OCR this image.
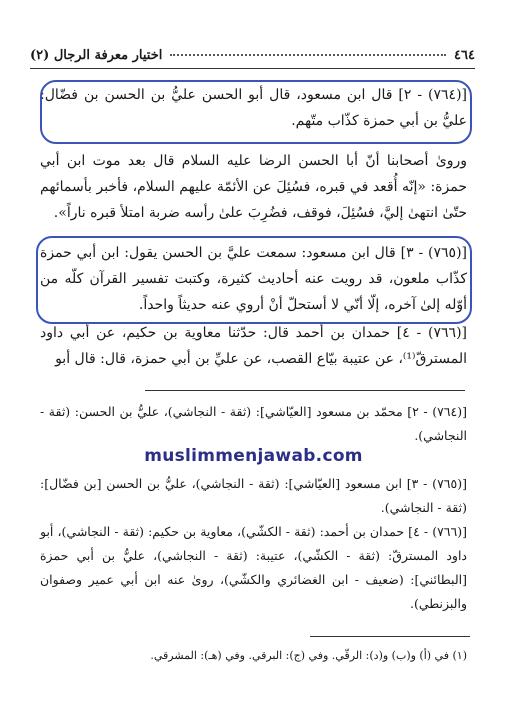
٤٦٤
اختيار معرفة الرجال (٢)

[(٧٦٤) - ٢] قال ابن مسعود، قال أبو الحسن عليُّ بن الحسن بن فضّال: عليُّ بن أبي حمزة كذّاب متّهم.

وروىٰ أصحابنا أنّ أبا الحسن الرضا عليه السلام قال بعد موت ابن أبي حمزة: «إنّه أُقعد في قبره، فسُئِلَ عن الأئمّة عليهم السلام، فأخبر بأسمائهم حتّىٰ انتهىٰ إليَّ، فسُئِلَ، فوقف، فضُرِبَ علىٰ رأسه ضربة امتلأ قبره ناراً».

[(٧٦٥) - ٣] قال ابن مسعود: سمعت عليَّ بن الحسن يقول: ابن أبي حمزة كذّاب ملعون، قد رويت عنه أحاديث كثيرة، وكتبت تفسير القرآن كلّه من أوّله إلىٰ آخره، إلّا أنّي لا أستحلّ أنْ أروي عنه حديثاً واحداً.

[(٧٦٦) - ٤] حمدان بن أحمد قال: حدّثنا معاوية بن حكيم، عن أبي داود المسترقّ⁽¹⁾، عن عتيبة بيّاع القصب، عن عليِّ بن أبي حمزة، قال: قال أبو

[(٧٦٤) - ٢] محمّد بن مسعود [العيّاشي]: (ثقة - النجاشي)، عليُّ بن الحسن: (ثقة - النجاشي).

muslimmenjawab.com

[(٧٦٥) - ٣] ابن مسعود [العيّاشي]: (ثقة - النجاشي)، عليُّ بن الحسن [بن فضّال]: (ثقة - النجاشي).

[(٧٦٦) - ٤] حمدان بن أحمد: (ثقة - الكشّي)، معاوية بن حكيم: (ثقة - النجاشي)، أبو داود المسترقّ: (ثقة - الكشّي)، عتيبة: (ثقة - النجاشي)، عليُّ بن أبي حمزة [البطائني]: (ضعيف - ابن الغضائري والكشّي)، روىٰ عنه ابن أبي عمير وصفوان والبزنطي).

(١) في (أ) و(ب) و(د): الرقّي. وفي (ج): البرقي. وفي (هـ): المشرقي.
